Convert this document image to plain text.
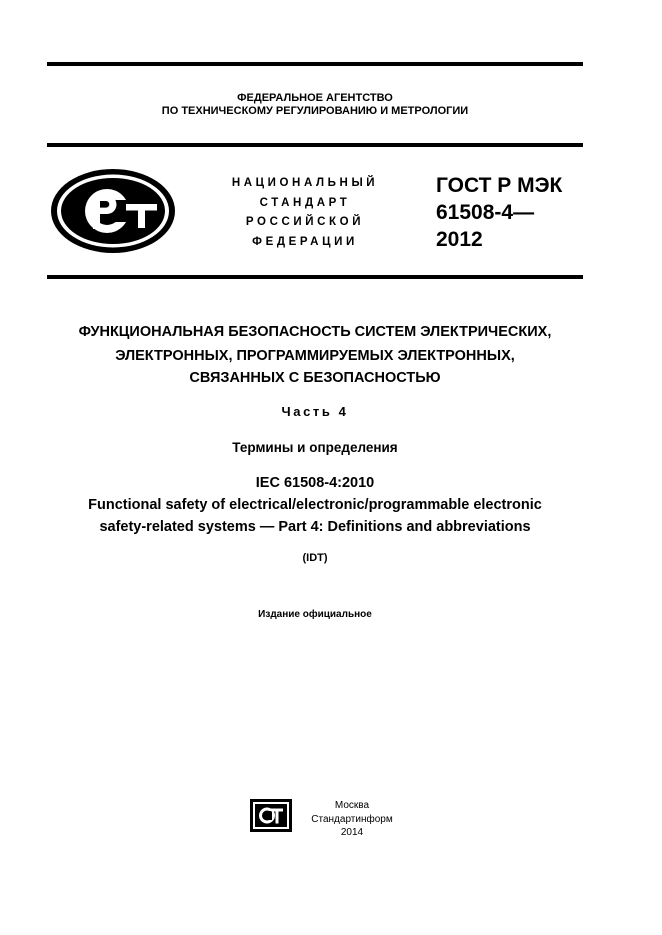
ФЕДЕРАЛЬНОЕ АГЕНТСТВО
ПО ТЕХНИЧЕСКОМУ РЕГУЛИРОВАНИЮ И МЕТРОЛОГИИ
НАЦИОНАЛЬНЫЙ
СТАНДАРТ
РОССИЙСКОЙ
ФЕДЕРАЦИИ
ГОСТ Р МЭК
61508-4—
2012
ФУНКЦИОНАЛЬНАЯ БЕЗОПАСНОСТЬ СИСТЕМ ЭЛЕКТРИЧЕСКИХ,
ЭЛЕКТРОННЫХ, ПРОГРАММИРУЕМЫХ ЭЛЕКТРОННЫХ,
СВЯЗАННЫХ С БЕЗОПАСНОСТЬЮ
Часть 4
Термины и определения
IEC 61508-4:2010
Functional safety of electrical/electronic/programmable electronic
safety-related systems — Part 4: Definitions and abbreviations
(IDT)
Издание официальное
Москва
Стандартинформ
2014
